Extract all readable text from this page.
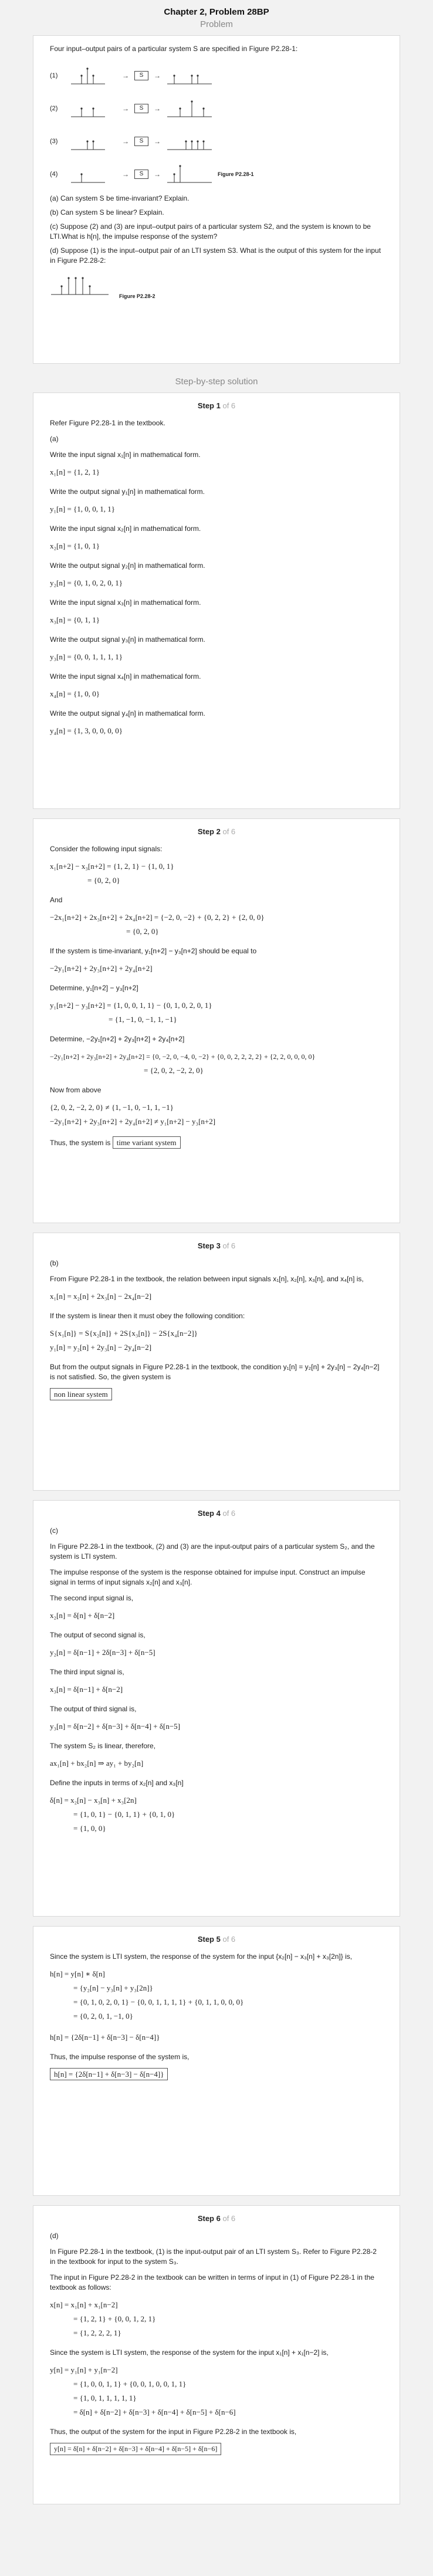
Chapter 2, Problem 28BP
Problem

Four input–output pairs of a particular system S are specified in Figure P2.28-1:

(1)	→	S	→
(2)	→	S	→
(3)	→	S	→
(4)	→	S	→	Figure P2.28-1

(a) Can system S be time-invariant? Explain.

(b) Can system S be linear? Explain.

(c) Suppose (2) and (3) are input–output pairs of a particular system S2, and the system is known to be LTI.What is h[n], the impulse response of the system?

(d) Suppose (1) is the input–output pair of an LTI system S3. What is the output of this system for the input in Figure P2.28-2:

Figure P2.28-2
Step-by-step solution
Step 1 of 6

Refer Figure P2.28-1 in the textbook.

(a)

Write the input signal x₁[n] in mathematical form.

x₁[n] = {1, 2, 1}

Write the output signal y₁[n] in mathematical form.

y₁[n] = {1, 0, 0, 1, 1}

Write the input signal x₂[n] in mathematical form.

x₂[n] = {1, 0, 1}

Write the output signal y₂[n] in mathematical form.

y₂[n] = {0, 1, 0, 2, 0, 1}

Write the input signal x₃[n] in mathematical form.

x₃[n] = {0, 1, 1}

Write the output signal y₃[n] in mathematical form.

y₃[n] = {0, 0, 1, 1, 1, 1}

Write the input signal x₄[n] in mathematical form.

x₄[n] = {1, 0, 0}

Write the output signal y₄[n] in mathematical form.

y₄[n] = {1, 3, 0, 0, 0, 0}
Step 2 of 6

Consider the following input signals:

x₁[n+2] − x₃[n+2] = {1, 2, 1} − {1, 0, 1}
= {0, 2, 0}

And

−2x₁[n+2] + 2x₃[n+2] + 2x₄[n+2] = {−2, 0, −2} + {0, 2, 2} + {2, 0, 0}
= {0, 2, 0}

If the system is time-invariant, y₁[n+2] − y₃[n+2] should be equal to

−2y₁[n+2] + 2y₃[n+2] + 2y₄[n+2]

Determine, y₁[n+2] − y₃[n+2]

y₁[n+2] − y₃[n+2] = {1, 0, 0, 1, 1} − {0, 1, 0, 2, 0, 1}
= {1, −1, 0, −1, 1, −1}

Determine, −2y₁[n+2] + 2y₃[n+2] + 2y₄[n+2]

−2y₁[n+2] + 2y₃[n+2] + 2y₄[n+2] = {0, −2, 0, −4, 0, −2} + {0, 0, 2, 2, 2, 2} + {2, 2, 0, 0, 0, 0}
= {2, 0, 2, −2, 2, 0}

Now from above

{2, 0, 2, −2, 2, 0} ≠ {1, −1, 0, −1, 1, −1}
−2y₁[n+2] + 2y₃[n+2] + 2y₄[n+2] ≠ y₁[n+2] − y₃[n+2]

Thus, the system is time variant system

Step 3 of 6

(b)

From Figure P2.28-1 in the textbook, the relation between input signals x₁[n], x₂[n], x₃[n], and x₄[n] is,

x₁[n] = x₂[n] + 2x₃[n] − 2x₄[n−2]

If the system is linear then it must obey the following condition:

S{x₁[n]} = S{x₂[n]} + 2S{x₃[n]} − 2S{x₄[n−2]}
y₁[n] = y₂[n] + 2y₃[n] − 2y₄[n−2]

But from the output signals in Figure P2.28-1 in the textbook, the condition y₁[n] = y₂[n] + 2y₃[n] − 2y₄[n−2] is not satisfied. So, the given system is

non linear system

Step 4 of 6

(c)

In Figure P2.28-1 in the textbook, (2) and (3) are the input-output pairs of a particular system S₂, and the system is LTI system.

The impulse response of the system is the response obtained for impulse input. Construct an impulse signal in terms of input signals x₂[n] and x₃[n].

The second input signal is,

x₂[n] = δ[n] + δ[n−2]

The output of second signal is,

y₂[n] = δ[n−1] + 2δ[n−3] + δ[n−5]

The third input signal is,

x₃[n] = δ[n−1] + δ[n−2]

The output of third signal is,

y₃[n] = δ[n−2] + δ[n−3] + δ[n−4] + δ[n−5]

The system S₂ is linear, therefore,

ax₁[n] + bx₂[n] ⇒ ay₁ + by₂[n]

Define the inputs in terms of x₂[n] and x₃[n]

δ[n] = x₂[n] − x₃[n] + x₃[2n]
= {1, 0, 1} − {0, 1, 1} + {0, 1, 0}
= {1, 0, 0}
Step 5 of 6

Since the system is LTI system, the response of the system for the input {x₂[n] − x₃[n] + x₃[2n]} is,

h[n] = y[n] ∗ δ[n]
= {y₂[n] − y₃[n] + y₃[2n]}
= {0, 1, 0, 2, 0, 1} − {0, 0, 1, 1, 1, 1} + {0, 1, 1, 0, 0, 0}
= {0, 2, 0, 1, −1, 0}
h[n] = {2δ[n−1] + δ[n−3] − δ[n−4]}

Thus, the impulse response of the system is,

h[n] = {2δ[n−1] + δ[n−3] − δ[n−4]}

Step 6 of 6

(d)

In Figure P2.28-1 in the textbook, (1) is the input-output pair of an LTI system S₃. Refer to Figure P2.28-2 in the textbook for input to the system S₃.

The input in Figure P2.28-2 in the textbook can be written in terms of input in (1) of Figure P2.28-1 in the textbook as follows:

x[n] = x₁[n] + x₁[n−2]
= {1, 2, 1} + {0, 0, 1, 2, 1}
= {1, 2, 2, 2, 1}

Since the system is LTI system, the response of the system for the input x₁[n] + x₁[n−2] is,

y[n] = y₁[n] + y₁[n−2]
= {1, 0, 0, 1, 1} + {0, 0, 1, 0, 0, 1, 1}
= {1, 0, 1, 1, 1, 1, 1}
= δ[n] + δ[n−2] + δ[n−3] + δ[n−4] + δ[n−5] + δ[n−6]

Thus, the output of the system for the input in Figure P2.28-2 in the textbook is,

y[n] = δ[n] + δ[n−2] + δ[n−3] + δ[n−4] + δ[n−5] + δ[n−6]
